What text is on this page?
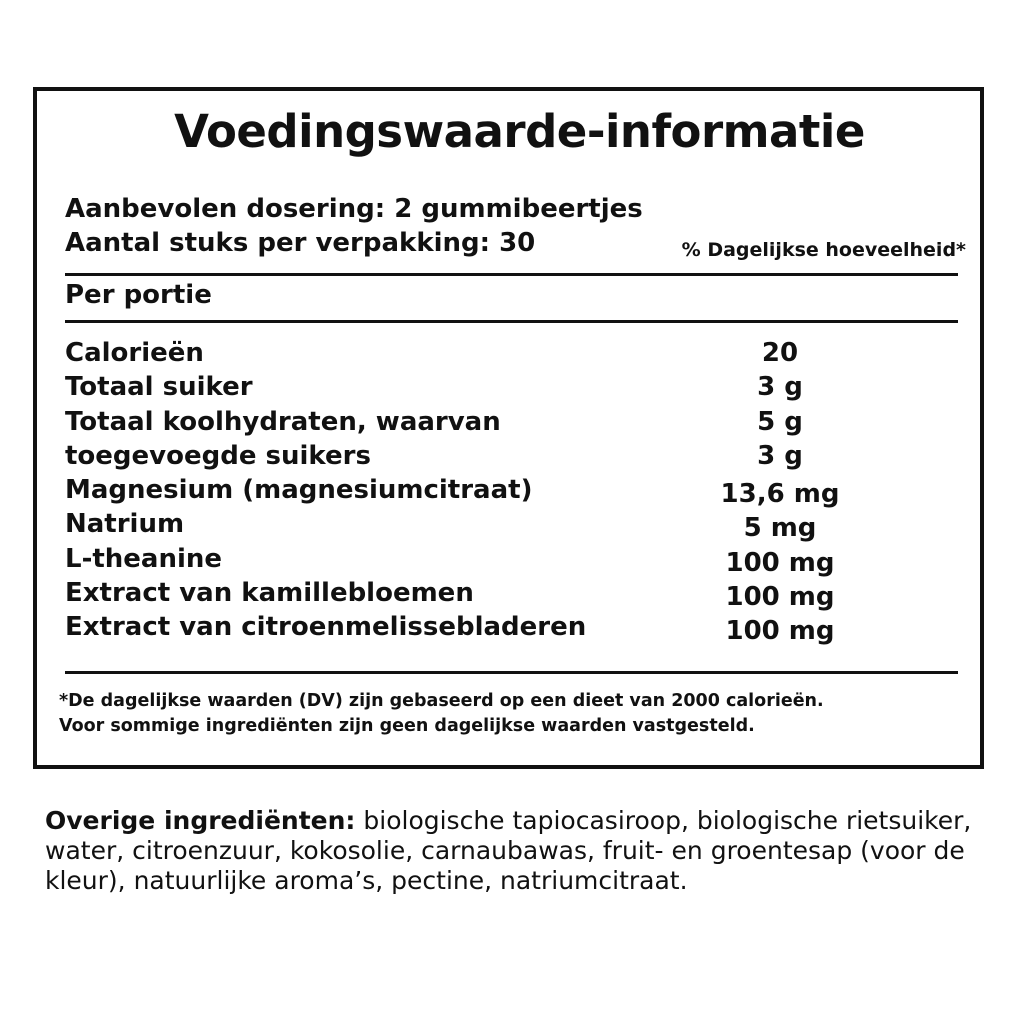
Voedingswaarde-informatie
Aanbevolen dosering: 2 gummibeertjes
Aantal stuks per verpakking: 30	% Dagelijkse hoeveelheid*
Per portie
Calorieën	20
Totaal suiker	3 g
Totaal koolhydraten, waarvan	5 g
toegevoegde suikers	3 g
Magnesium (magnesiumcitraat)	13,6 mg
Natrium	5 mg
L-theanine	100 mg
Extract van kamillebloemen	100 mg
Extract van citroenmelissebladeren	100 mg
*De dagelijkse waarden (DV) zijn gebaseerd op een dieet van 2000 calorieën.
Voor sommige ingrediënten zijn geen dagelijkse waarden vastgesteld.
Overige ingrediënten: biologische tapiocasiroop, biologische rietsuiker, water, citroenzuur, kokosolie, carnaubawas, fruit- en groentesap (voor de kleur), natuurlijke aroma’s, pectine, natriumcitraat.
